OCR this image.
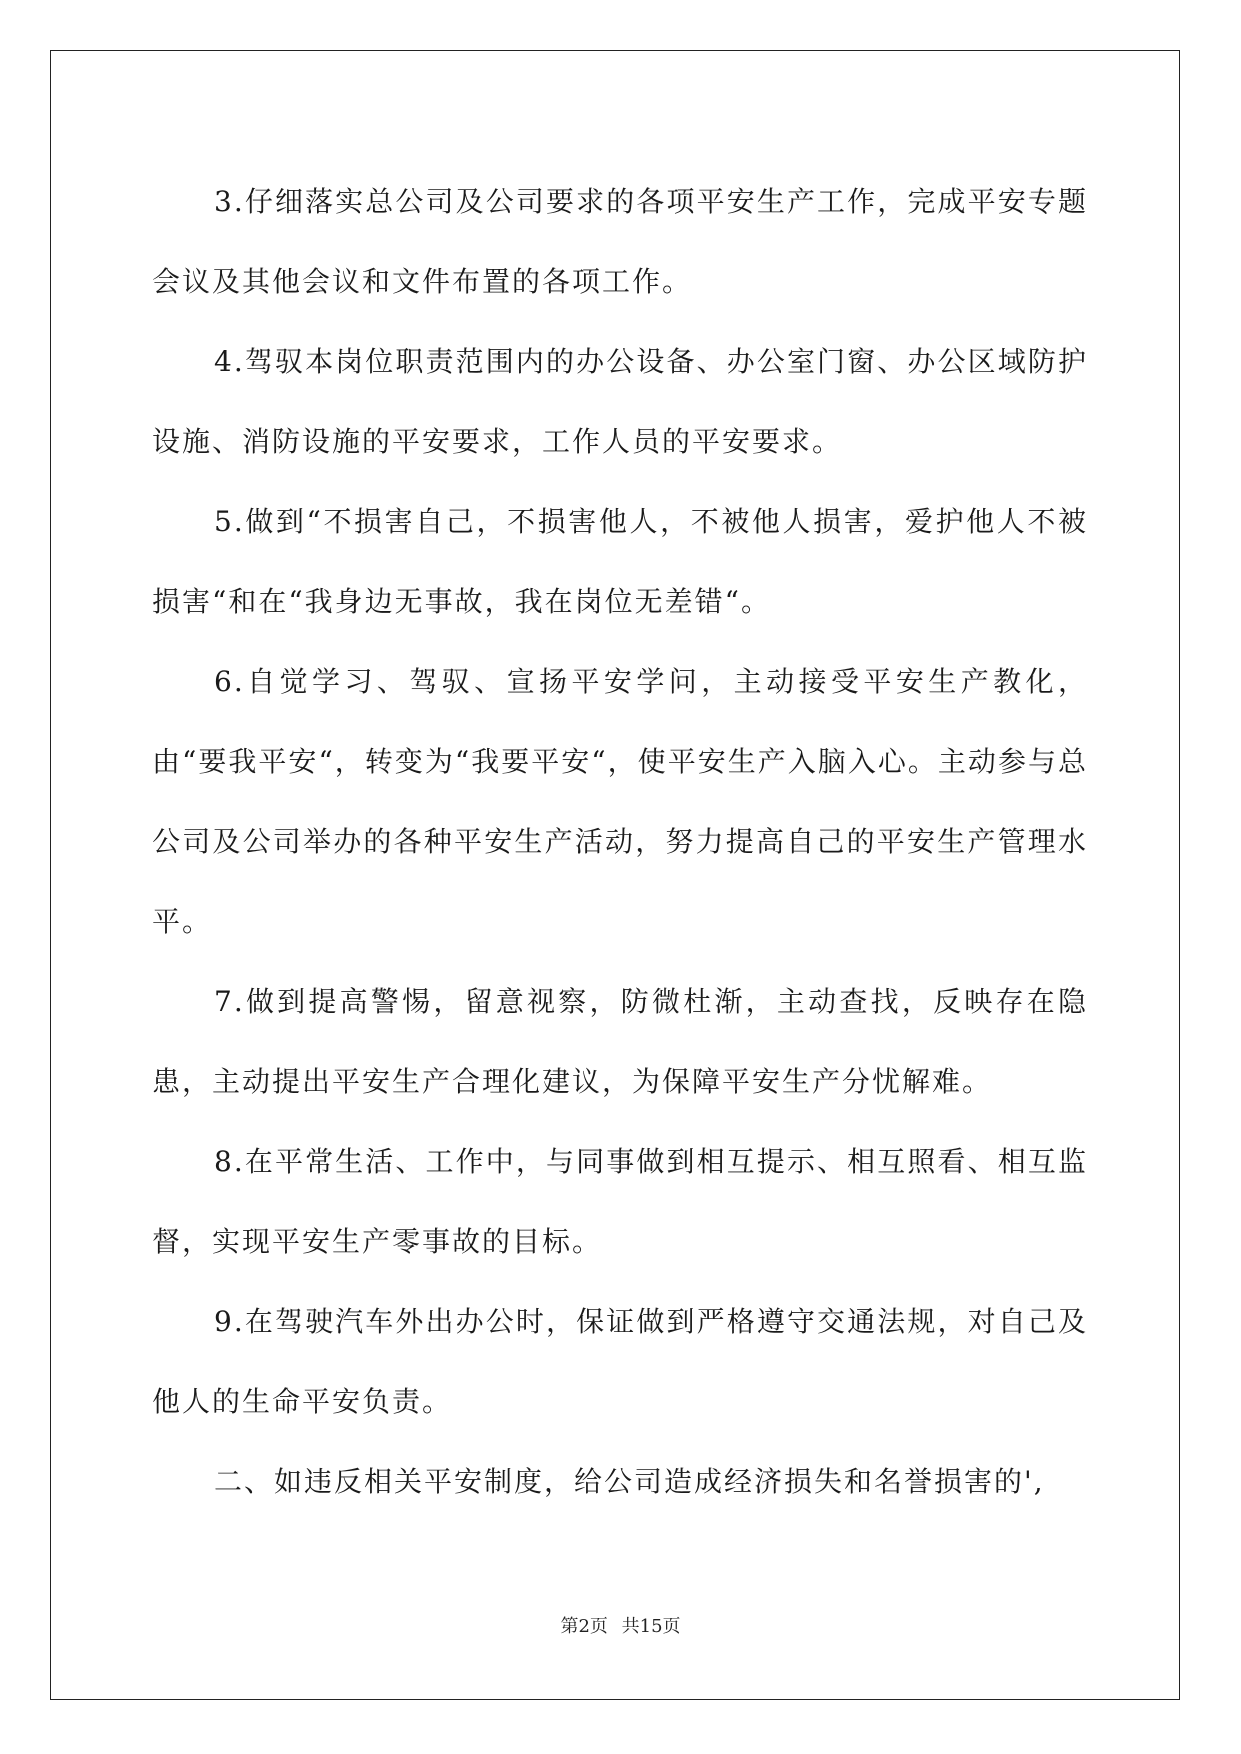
3.仔细落实总公司及公司要求的各项平安生产工作，完成平安专题会议及其他会议和文件布置的各项工作。

4.驾驭本岗位职责范围内的办公设备、办公室门窗、办公区域防护设施、消防设施的平安要求，工作人员的平安要求。

5.做到“不损害自己，不损害他人，不被他人损害，爱护他人不被损害“和在“我身边无事故，我在岗位无差错“。

6.自觉学习、驾驭、宣扬平安学问，主动接受平安生产教化，由“要我平安“，转变为“我要平安“，使平安生产入脑入心。主动参与总公司及公司举办的各种平安生产活动，努力提高自己的平安生产管理水平。

7.做到提高警惕，留意视察，防微杜渐，主动查找，反映存在隐患，主动提出平安生产合理化建议，为保障平安生产分忧解难。

8.在平常生活、工作中，与同事做到相互提示、相互照看、相互监督，实现平安生产零事故的目标。

9.在驾驶汽车外出办公时，保证做到严格遵守交通法规，对自己及他人的生命平安负责。

二、如违反相关平安制度，给公司造成经济损失和名誉损害的',

第2页 共15页
